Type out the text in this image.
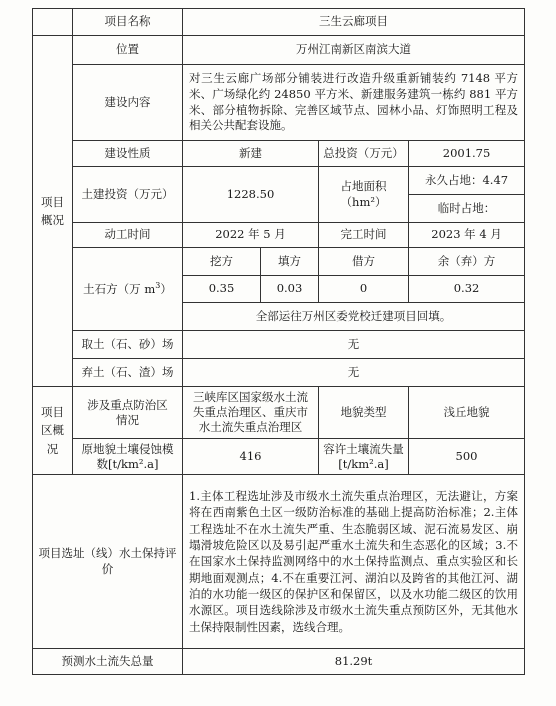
	项目名称	三生云廊项目			

项目概况	位置	万州江南新区南滨大道			
	建设内容	对三生云廊广场部分铺装进行改造升级重新铺装约 7148 平方米、广场绿化约 24850 平方米、新建服务建筑一栋约 881 平方米、部分植物拆除、完善区域节点、园林小品、灯饰照明工程及相关公共配套设施。			
	建设性质	新建		总投资（万元）	2001.75
	土建投资（万元）	1228.50		占地面积
（hm²）	永久占地：4.47
					临时占地：
	动工时间	2022 年 5 月		完工时间	2023 年 4 月
	土石方（万 $m^3$）	挖方	填方	借方	余（弃）方
		0.35	0.03	0	0.32
		全部运往万州区委党校迁建项目回填。			
	取土（石、砂）场	无			
	弃土（石、渣）场	无			

项目区概况	涉及重点防治区情况	三峡库区国家级水土流失重点治理区、重庆市水土流失重点治理区		地貌类型	浅丘地貌
	原地貌土壤侵蚀模数[t/km².a]	416		容许土壤流失量[t/km².a]	500
项目选址（线）水土保持评价		1.主体工程选址涉及市级水土流失重点治理区，无法避让，方案将在西南紫色土区一级防治标准的基础上提高防治标准；2.主体工程选址不在水土流失严重、生态脆弱区域、泥石流易发区、崩塌滑坡危险区以及易引起严重水土流失和生态恶化的区域；3.不在国家水土保持监测网络中的水土保持监测点、重点实验区和长期地面观测点；4.不在重要江河、湖泊以及跨省的其他江河、湖泊的水功能一级区的保护区和保留区，以及水功能二级区的饮用水源区。项目选线除涉及市级水土流失重点预防区外，无其他水土保持限制性因素，选线合理。			
预测水土流失总量		81.29t			
